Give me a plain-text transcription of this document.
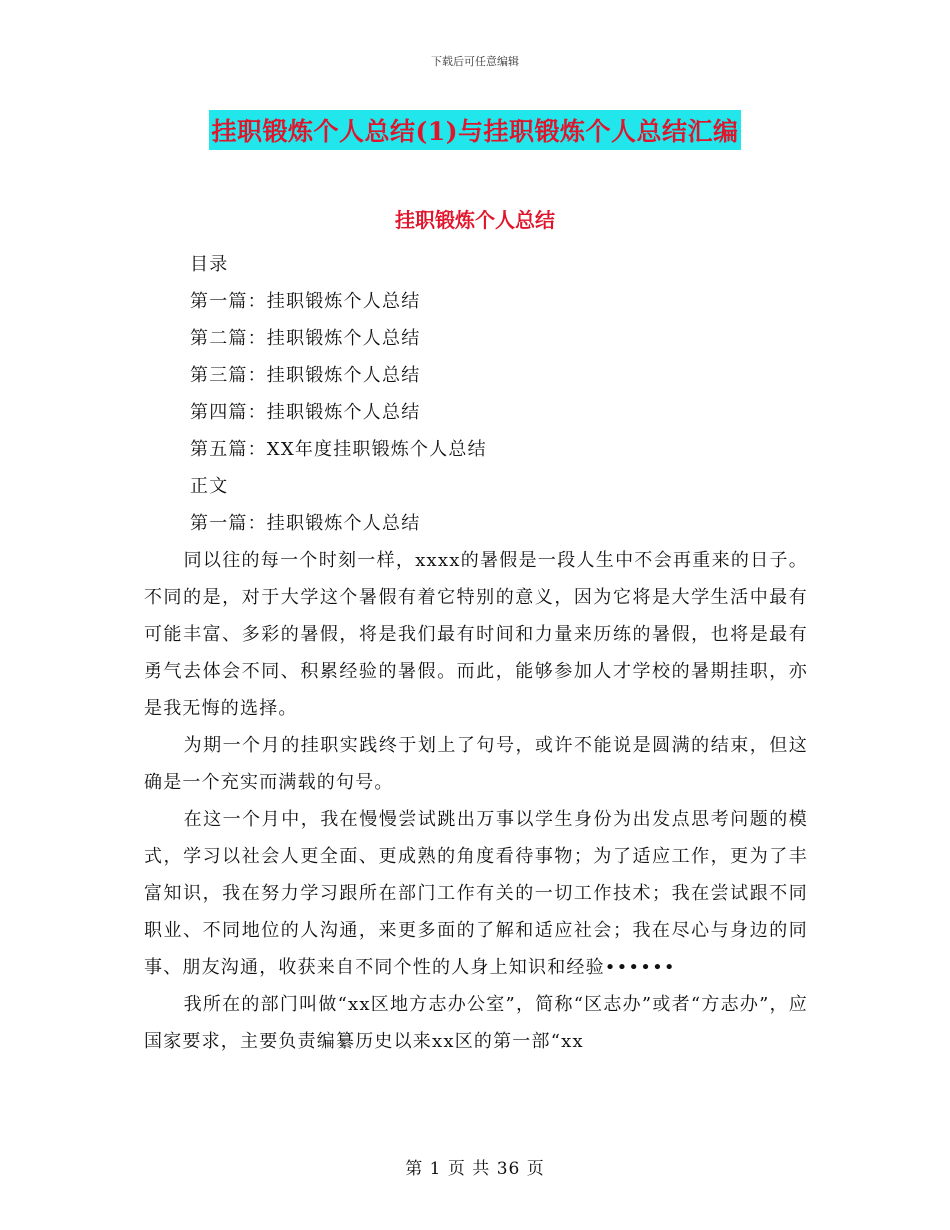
下载后可任意编辑
挂职锻炼个人总结(1)与挂职锻炼个人总结汇编
挂职锻炼个人总结

目录

第一篇：挂职锻炼个人总结

第二篇：挂职锻炼个人总结

第三篇：挂职锻炼个人总结

第四篇：挂职锻炼个人总结

第五篇：XX年度挂职锻炼个人总结

正文

第一篇：挂职锻炼个人总结

同以往的每一个时刻一样，xxxx的暑假是一段人生中不会再重来的日子。不同的是，对于大学这个暑假有着它特别的意义，因为它将是大学生活中最有可能丰富、多彩的暑假，将是我们最有时间和力量来历练的暑假，也将是最有勇气去体会不同、积累经验的暑假。而此，能够参加人才学校的暑期挂职，亦是我无悔的选择。

为期一个月的挂职实践终于划上了句号，或许不能说是圆满的结束，但这确是一个充实而满载的句号。

在这一个月中，我在慢慢尝试跳出万事以学生身份为出发点思考问题的模式，学习以社会人更全面、更成熟的角度看待事物；为了适应工作，更为了丰富知识，我在努力学习跟所在部门工作有关的一切工作技术；我在尝试跟不同职业、不同地位的人沟通，来更多面的了解和适应社会；我在尽心与身边的同事、朋友沟通，收获来自不同个性的人身上知识和经验••••••

我所在的部门叫做“xx区地方志办公室”，简称“区志办”或者“方志办”，应国家要求，主要负责编纂历史以来xx区的第一部“xx

第 1 页 共 36 页
